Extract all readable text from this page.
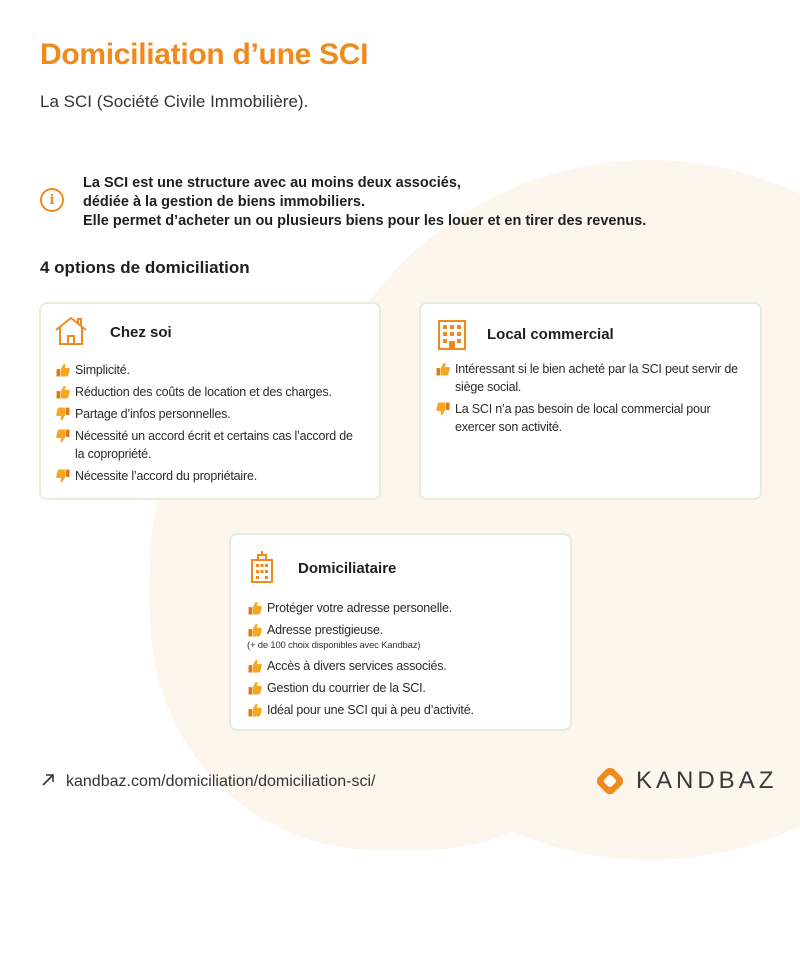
Domiciliation d’une SCI

La SCI (Société Civile Immobilière).

i
La SCI est une structure avec au moins deux associés,
dédiée à la gestion de biens immobiliers.
Elle permet d’acheter un ou plusieurs biens pour les louer et en tirer des revenus.
4 options de domiciliation
Chez soi
Simplicité.
Réduction des coûts de location et des charges.
Partage d’infos personnelles.
Nécessité un accord écrit et certains cas l’accord de la copropriété.
Nécessite l’accord du propriétaire.
Local commercial
Intéressant si le bien acheté par la SCI peut servir de siège social.
La SCI n’a pas besoin de local commercial pour exercer son activité.
Domiciliataire
Protéger votre adresse personelle.
Adresse prestigieuse.
(+ de 100 choix disponibles avec Kandbaz)
Accès à divers services associés.
Gestion du courrier de la SCI.
Idéal pour une SCI qui à peu d’activité.
kandbaz.com/domiciliation/domiciliation-sci/	KANDBAZ
